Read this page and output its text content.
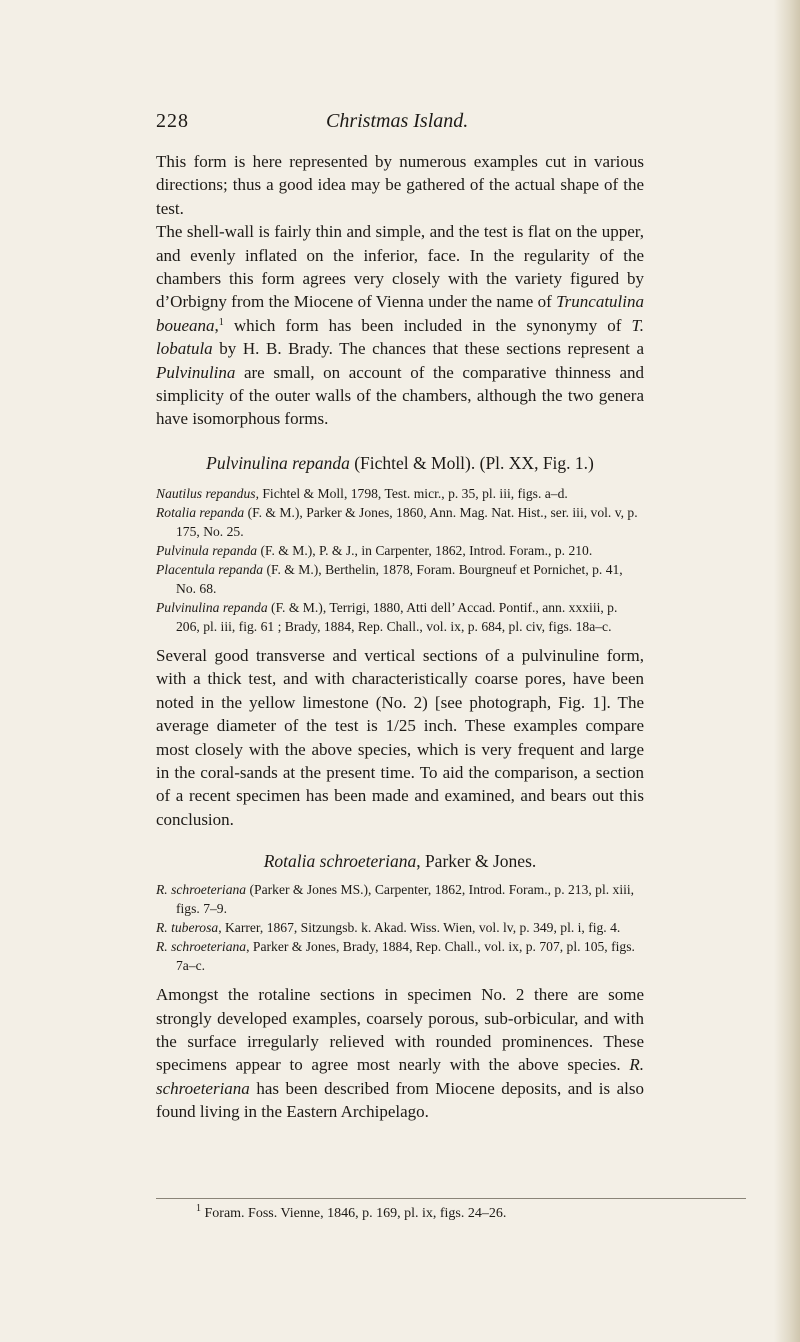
228	Christmas Island.

This form is here represented by numerous examples cut in various directions; thus a good idea may be gathered of the actual shape of the test.

The shell-wall is fairly thin and simple, and the test is flat on the upper, and evenly inflated on the inferior, face. In the regularity of the chambers this form agrees very closely with the variety figured by d’Orbigny from the Miocene of Vienna under the name of Truncatulina boueana,$^1$ which form has been included in the synonymy of T. lobatula by H. B. Brady. The chances that these sections represent a Pulvinulina are small, on account of the comparative thinness and simplicity of the outer walls of the chambers, although the two genera have isomorphous forms.

Pulvinulina repanda (Fichtel & Moll). (Pl. XX, Fig. 1.)

Nautilus repandus, Fichtel & Moll, 1798, Test. micr., p. 35, pl. iii, figs. a–d.

Rotalia repanda (F. & M.), Parker & Jones, 1860, Ann. Mag. Nat. Hist., ser. iii, vol. v, p. 175, No. 25.

Pulvinula repanda (F. & M.), P. & J., in Carpenter, 1862, Introd. Foram., p. 210.

Placentula repanda (F. & M.), Berthelin, 1878, Foram. Bourgneuf et Pornichet, p. 41, No. 68.

Pulvinulina repanda (F. & M.), Terrigi, 1880, Atti dell’ Accad. Pontif., ann. xxxiii, p. 206, pl. iii, fig. 61 ; Brady, 1884, Rep. Chall., vol. ix, p. 684, pl. civ, figs. 18a–c.

Several good transverse and vertical sections of a pulvinuline form, with a thick test, and with characteristically coarse pores, have been noted in the yellow limestone (No. 2) [see photograph, Fig. 1]. The average diameter of the test is 1/25 inch. These examples compare most closely with the above species, which is very frequent and large in the coral-sands at the present time. To aid the comparison, a section of a recent specimen has been made and examined, and bears out this conclusion.

Rotalia schroeteriana, Parker & Jones.

R. schroeteriana (Parker & Jones MS.), Carpenter, 1862, Introd. Foram., p. 213, pl. xiii, figs. 7–9.

R. tuberosa, Karrer, 1867, Sitzungsb. k. Akad. Wiss. Wien, vol. lv, p. 349, pl. i, fig. 4.

R. schroeteriana, Parker & Jones, Brady, 1884, Rep. Chall., vol. ix, p. 707, pl. 105, figs. 7a–c.

Amongst the rotaline sections in specimen No. 2 there are some strongly developed examples, coarsely porous, sub-orbicular, and with the surface irregularly relieved with rounded prominences. These specimens appear to agree most nearly with the above species. R. schroeteriana has been described from Miocene deposits, and is also found living in the Eastern Archipelago.

$^1$ Foram. Foss. Vienne, 1846, p. 169, pl. ix, figs. 24–26.
